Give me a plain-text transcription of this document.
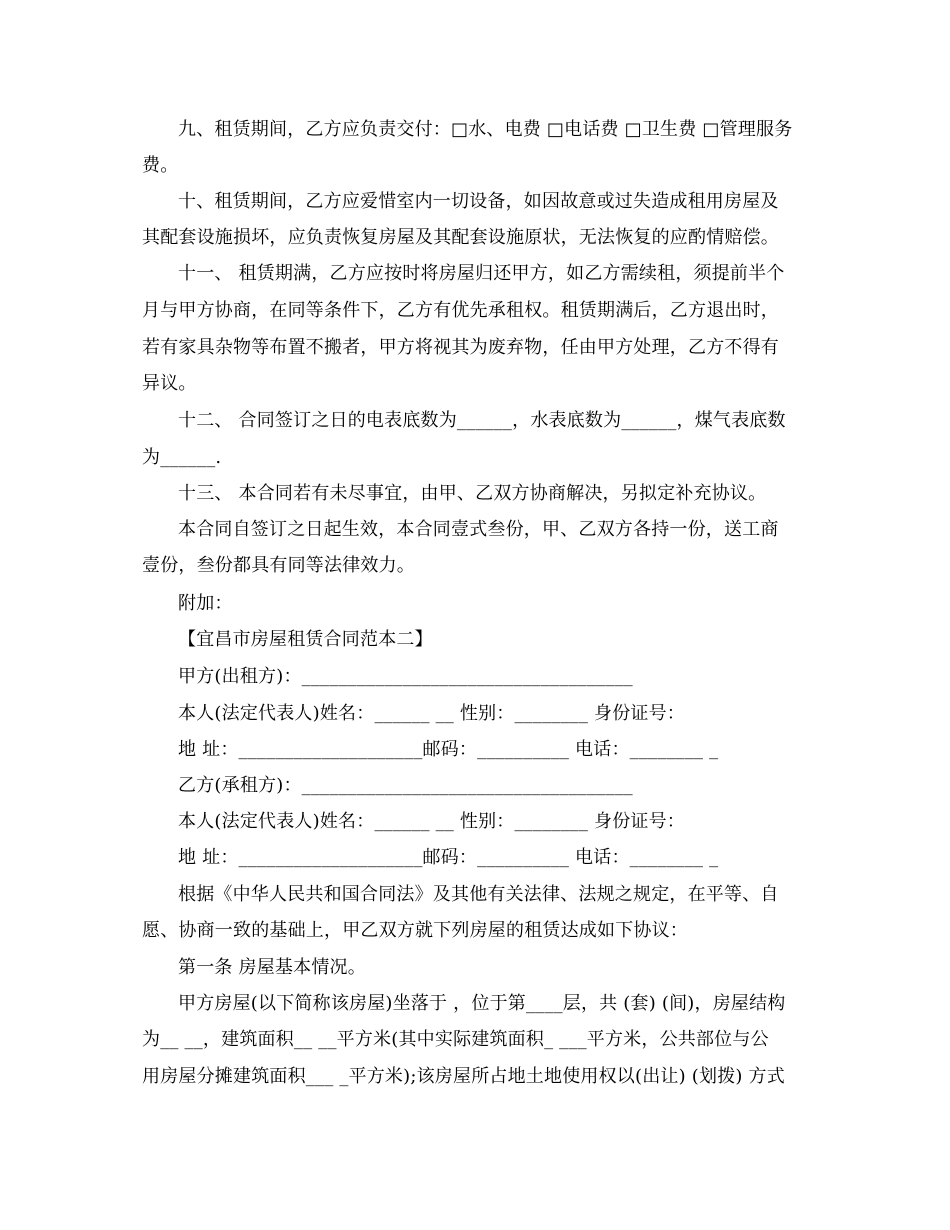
九、租赁期间，乙方应负责交付：□水、电费 □电话费 □卫生费 □管理服务
费。
十、租赁期间，乙方应爱惜室内一切设备，如因故意或过失造成租用房屋及
其配套设施损坏，应负责恢复房屋及其配套设施原状，无法恢复的应酌情赔偿。
十一、 租赁期满，乙方应按时将房屋归还甲方，如乙方需续租，须提前半个
月与甲方协商，在同等条件下，乙方有优先承租权。租赁期满后，乙方退出时，
若有家具杂物等布置不搬者，甲方将视其为废弃物，任由甲方处理，乙方不得有
异议。
十二、 合同签订之日的电表底数为______，水表底数为______，煤气表底数
为______.
十三、 本合同若有未尽事宜，由甲、乙双方协商解决，另拟定补充协议。
本合同自签订之日起生效，本合同壹式叁份，甲、乙双方各持一份，送工商
壹份，叁份都具有同等法律效力。
附加：
【宜昌市房屋租赁合同范本二】
甲方(出租方)：____________________________________
本人(法定代表人)姓名：______ __ 性别：________ 身份证号：
地 址：____________________邮码：__________ 电话：________ _
乙方(承租方)：____________________________________
本人(法定代表人)姓名：______ __ 性别：________ 身份证号：
地 址：____________________邮码：__________ 电话：________ _
根据《中华人民共和国合同法》及其他有关法律、法规之规定，在平等、自
愿、协商一致的基础上，甲乙双方就下列房屋的租赁达成如下协议：
第一条 房屋基本情况。
甲方房屋(以下简称该房屋)坐落于 ，位于第____层，共 (套) (间)，房屋结构
为__ __，建筑面积__ __平方米(其中实际建筑面积_ ___平方米，公共部位与公
用房屋分摊建筑面积___ _平方米);该房屋所占地土地使用权以(出让) (划拨) 方式
